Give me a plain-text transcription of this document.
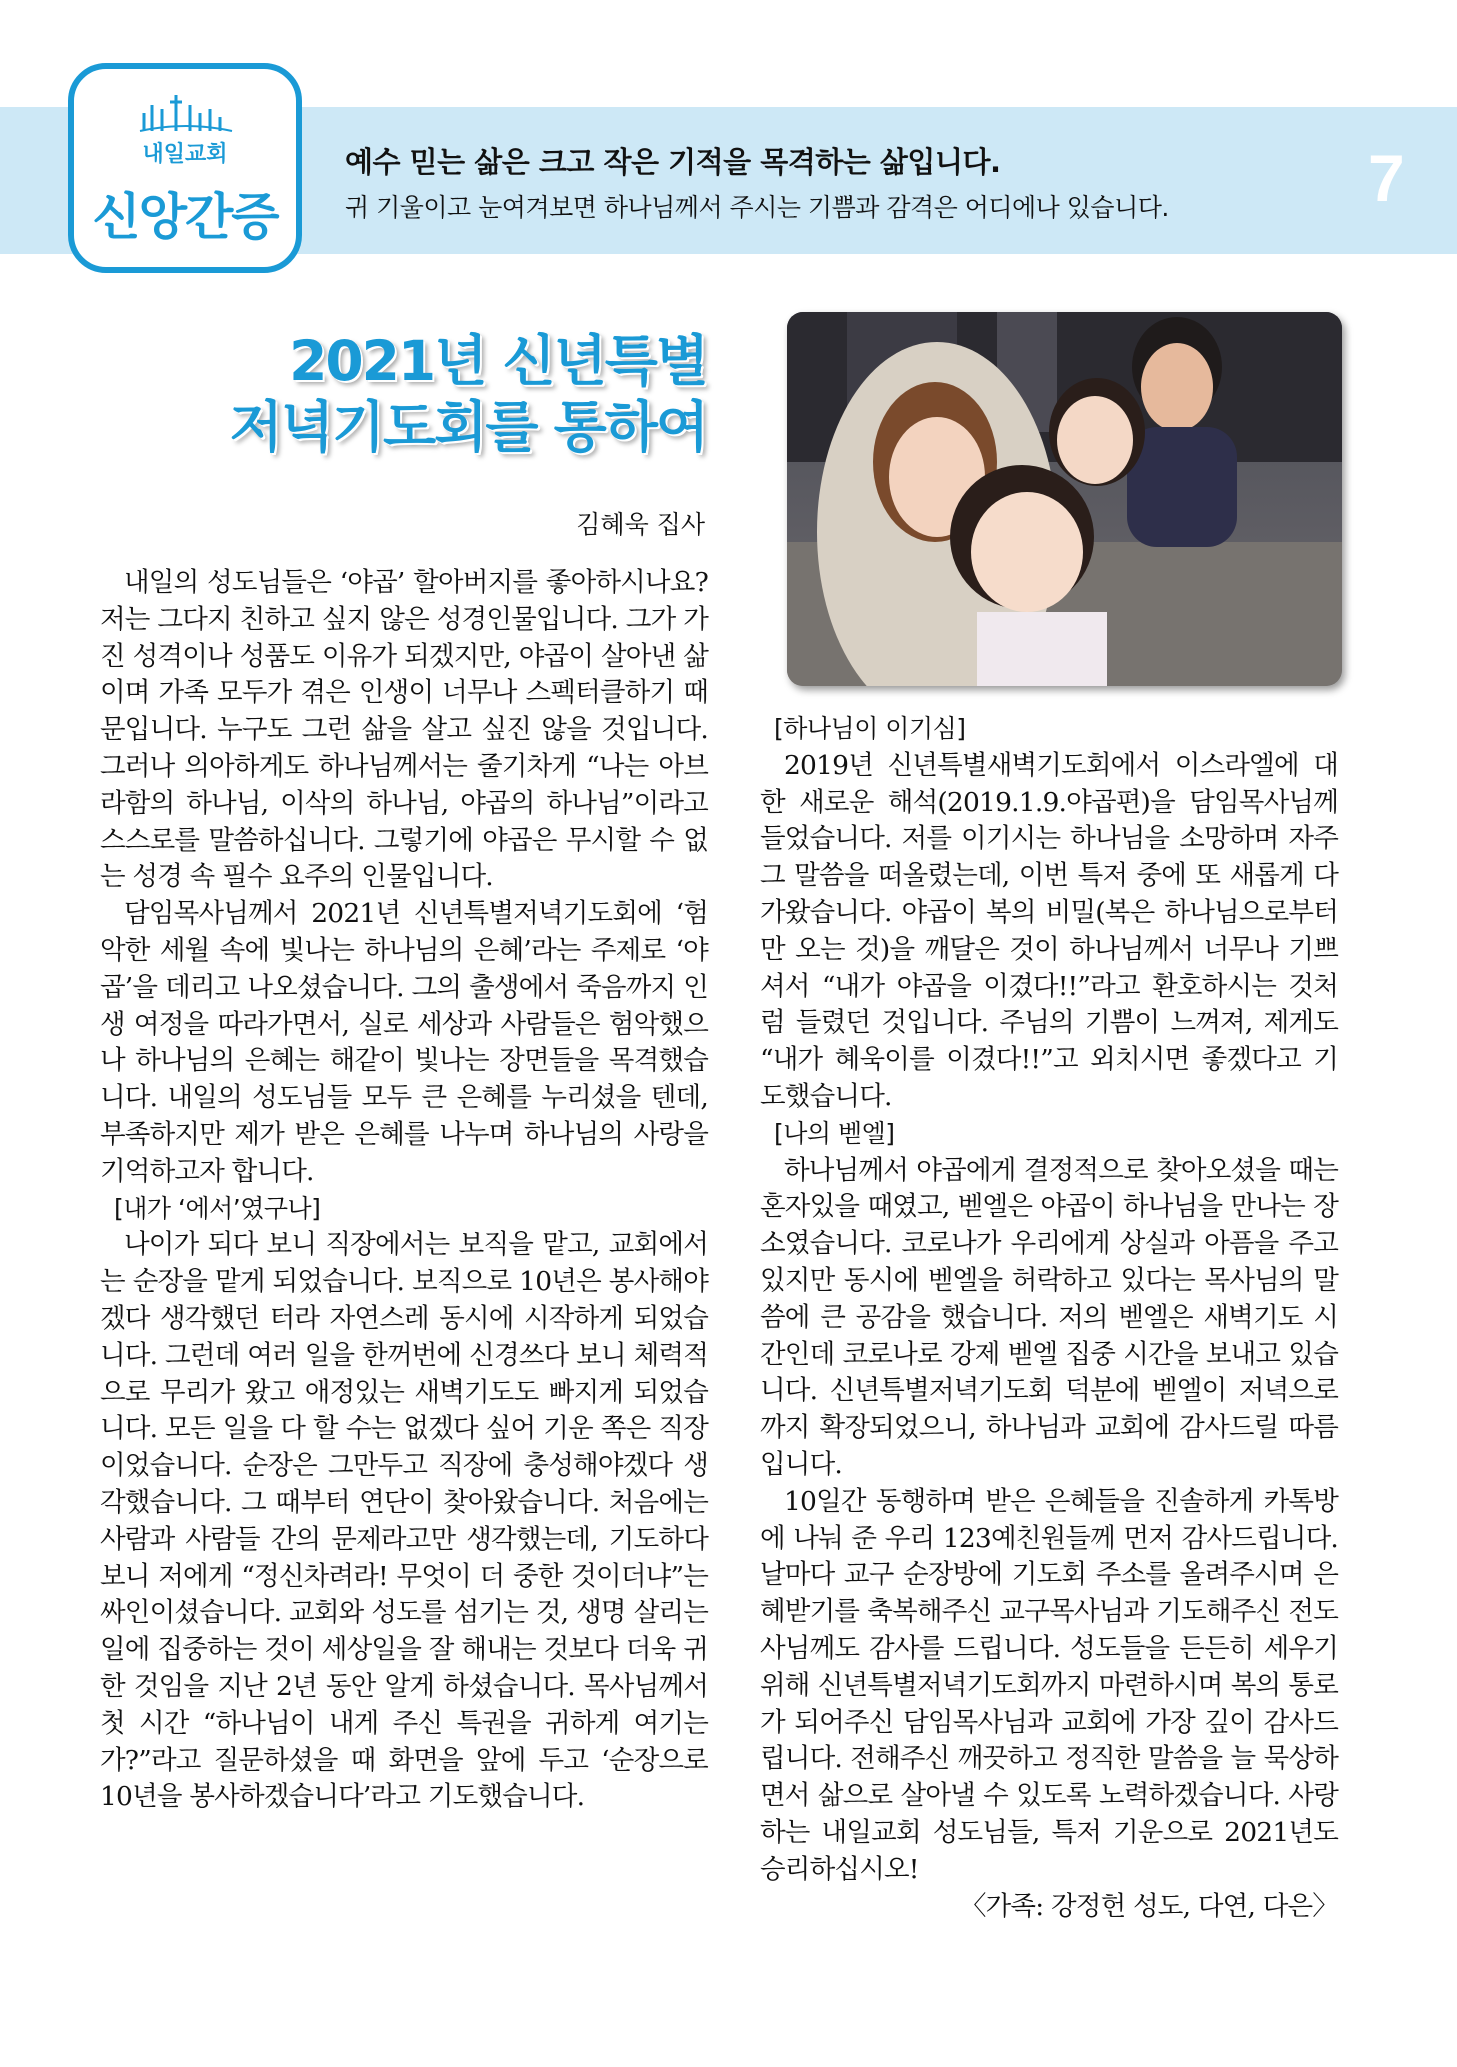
내일교회
신앙간증
예수 믿는 삶은 크고 작은 기적을 목격하는 삶입니다.
귀 기울이고 눈여겨보면 하나님께서 주시는 기쁨과 감격은 어디에나 있습니다.	7
2021년 신년특별
저녁기도회를 통하여
김혜욱 집사

내일의 성도님들은 ‘야곱’ 할아버지를 좋아하시나요? 저는 그다지 친하고 싶지 않은 성경인물입니다. 그가 가진 성격이나 성품도 이유가 되겠지만, 야곱이 살아낸 삶이며 가족 모두가 겪은 인생이 너무나 스펙터클하기 때문입니다. 누구도 그런 삶을 살고 싶진 않을 것입니다. 그러나 의아하게도 하나님께서는 줄기차게 “나는 아브라함의 하나님, 이삭의 하나님, 야곱의 하나님”이라고 스스로를 말씀하십니다. 그렇기에 야곱은 무시할 수 없는 성경 속 필수 요주의 인물입니다.

담임목사님께서 2021년 신년특별저녁기도회에 ‘험악한 세월 속에 빛나는 하나님의 은혜’라는 주제로 ‘야곱’을 데리고 나오셨습니다. 그의 출생에서 죽음까지 인생 여정을 따라가면서, 실로 세상과 사람들은 험악했으나 하나님의 은혜는 해같이 빛나는 장면들을 목격했습니다. 내일의 성도님들 모두 큰 은혜를 누리셨을 텐데, 부족하지만 제가 받은 은혜를 나누며 하나님의 사랑을 기억하고자 합니다.

[내가 ‘에서’였구나]

나이가 되다 보니 직장에서는 보직을 맡고, 교회에서는 순장을 맡게 되었습니다. 보직으로 10년은 봉사해야겠다 생각했던 터라 자연스레 동시에 시작하게 되었습니다. 그런데 여러 일을 한꺼번에 신경쓰다 보니 체력적으로 무리가 왔고 애정있는 새벽기도도 빠지게 되었습니다. 모든 일을 다 할 수는 없겠다 싶어 기운 쪽은 직장이었습니다. 순장은 그만두고 직장에 충성해야겠다 생각했습니다. 그 때부터 연단이 찾아왔습니다. 처음에는 사람과 사람들 간의 문제라고만 생각했는데, 기도하다보니 저에게 “정신차려라! 무엇이 더 중한 것이더냐”는 싸인이셨습니다. 교회와 성도를 섬기는 것, 생명 살리는 일에 집중하는 것이 세상일을 잘 해내는 것보다 더욱 귀한 것임을 지난 2년 동안 알게 하셨습니다. 목사님께서 첫 시간 “하나님이 내게 주신 특권을 귀하게 여기는가?”라고 질문하셨을 때 화면을 앞에 두고 ‘순장으로 10년을 봉사하겠습니다’라고 기도했습니다.

[하나님이 이기심]

2019년 신년특별새벽기도회에서 이스라엘에 대한 새로운 해석(2019.1.9.야곱편)을 담임목사님께 들었습니다. 저를 이기시는 하나님을 소망하며 자주 그 말씀을 떠올렸는데, 이번 특저 중에 또 새롭게 다가왔습니다. 야곱이 복의 비밀(복은 하나님으로부터만 오는 것)을 깨달은 것이 하나님께서 너무나 기쁘셔서 “내가 야곱을 이겼다!!”라고 환호하시는 것처럼 들렸던 것입니다. 주님의 기쁨이 느껴져, 제게도 “내가 혜욱이를 이겼다!!”고 외치시면 좋겠다고 기도했습니다.

[나의 벧엘]

하나님께서 야곱에게 결정적으로 찾아오셨을 때는 혼자있을 때였고, 벧엘은 야곱이 하나님을 만나는 장소였습니다. 코로나가 우리에게 상실과 아픔을 주고 있지만 동시에 벧엘을 허락하고 있다는 목사님의 말씀에 큰 공감을 했습니다. 저의 벧엘은 새벽기도 시간인데 코로나로 강제 벧엘 집중 시간을 보내고 있습니다. 신년특별저녁기도회 덕분에 벧엘이 저녁으로까지 확장되었으니, 하나님과 교회에 감사드릴 따름입니다.

10일간 동행하며 받은 은혜들을 진솔하게 카톡방에 나눠 준 우리 123예친원들께 먼저 감사드립니다. 날마다 교구 순장방에 기도회 주소를 올려주시며 은혜받기를 축복해주신 교구목사님과 기도해주신 전도사님께도 감사를 드립니다. 성도들을 든든히 세우기 위해 신년특별저녁기도회까지 마련하시며 복의 통로가 되어주신 담임목사님과 교회에 가장 깊이 감사드립니다. 전해주신 깨끗하고 정직한 말씀을 늘 묵상하면서 삶으로 살아낼 수 있도록 노력하겠습니다. 사랑하는 내일교회 성도님들, 특저 기운으로 2021년도 승리하십시오!

〈가족: 강정헌 성도, 다연, 다은〉
